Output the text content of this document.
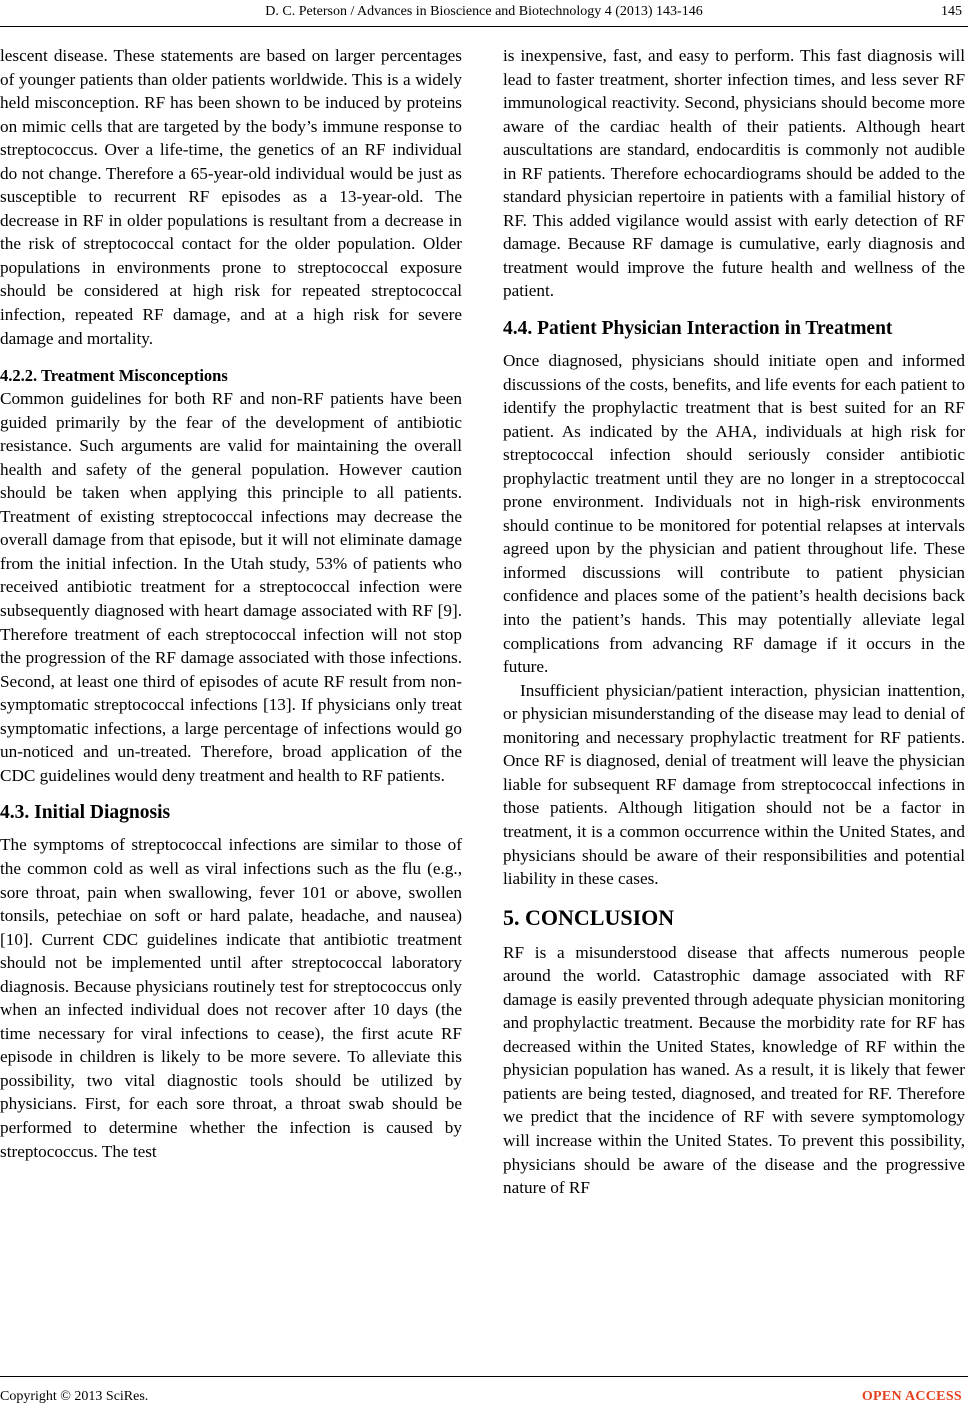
D. C. Peterson / Advances in Bioscience and Biotechnology 4 (2013) 143-146	145

lescent disease. These statements are based on larger percentages of younger patients than older patients worldwide. This is a widely held misconception. RF has been shown to be induced by proteins on mimic cells that are targeted by the body’s immune response to streptococcus. Over a life-time, the genetics of an RF individual do not change. Therefore a 65-year-old individual would be just as susceptible to recurrent RF episodes as a 13-year-old. The decrease in RF in older populations is resultant from a decrease in the risk of streptococcal contact for the older population. Older populations in environments prone to streptococcal exposure should be considered at high risk for repeated streptococcal infection, repeated RF damage, and at a high risk for severe damage and mortality.

4.2.2. Treatment Misconceptions

Common guidelines for both RF and non-RF patients have been guided primarily by the fear of the development of antibiotic resistance. Such arguments are valid for maintaining the overall health and safety of the general population. However caution should be taken when applying this principle to all patients. Treatment of existing streptococcal infections may decrease the overall damage from that episode, but it will not eliminate damage from the initial infection. In the Utah study, 53% of patients who received antibiotic treatment for a streptococcal infection were subsequently diagnosed with heart damage associated with RF [9]. Therefore treatment of each streptococcal infection will not stop the progression of the RF damage associated with those infections. Second, at least one third of episodes of acute RF result from non-symptomatic streptococcal infections [13]. If physicians only treat symptomatic infections, a large percentage of infections would go un-noticed and un-treated. Therefore, broad application of the CDC guidelines would deny treatment and health to RF patients.

4.3. Initial Diagnosis

The symptoms of streptococcal infections are similar to those of the common cold as well as viral infections such as the flu (e.g., sore throat, pain when swallowing, fever 101 or above, swollen tonsils, petechiae on soft or hard palate, headache, and nausea) [10]. Current CDC guidelines indicate that antibiotic treatment should not be implemented until after streptococcal laboratory diagnosis. Because physicians routinely test for streptococcus only when an infected individual does not recover after 10 days (the time necessary for viral infections to cease), the first acute RF episode in children is likely to be more severe. To alleviate this possibility, two vital diagnostic tools should be utilized by physicians. First, for each sore throat, a throat swab should be performed to determine whether the infection is caused by streptococcus. The test

is inexpensive, fast, and easy to perform. This fast diagnosis will lead to faster treatment, shorter infection times, and less sever RF immunological reactivity. Second, physicians should become more aware of the cardiac health of their patients. Although heart auscultations are standard, endocarditis is commonly not audible in RF patients. Therefore echocardiograms should be added to the standard physician repertoire in patients with a familial history of RF. This added vigilance would assist with early detection of RF damage. Because RF damage is cumulative, early diagnosis and treatment would improve the future health and wellness of the patient.

4.4. Patient Physician Interaction in Treatment

Once diagnosed, physicians should initiate open and informed discussions of the costs, benefits, and life events for each patient to identify the prophylactic treatment that is best suited for an RF patient. As indicated by the AHA, individuals at high risk for streptococcal infection should seriously consider antibiotic prophylactic treatment until they are no longer in a streptococcal prone environment. Individuals not in high-risk environments should continue to be monitored for potential relapses at intervals agreed upon by the physician and patient throughout life. These informed discussions will contribute to patient physician confidence and places some of the patient’s health decisions back into the patient’s hands. This may potentially alleviate legal complications from advancing RF damage if it occurs in the future.

Insufficient physician/patient interaction, physician inattention, or physician misunderstanding of the disease may lead to denial of monitoring and necessary prophylactic treatment for RF patients. Once RF is diagnosed, denial of treatment will leave the physician liable for subsequent RF damage from streptococcal infections in those patients. Although litigation should not be a factor in treatment, it is a common occurrence within the United States, and physicians should be aware of their responsibilities and potential liability in these cases.

5. CONCLUSION

RF is a misunderstood disease that affects numerous people around the world. Catastrophic damage associated with RF damage is easily prevented through adequate physician monitoring and prophylactic treatment. Because the morbidity rate for RF has decreased within the United States, knowledge of RF within the physician population has waned. As a result, it is likely that fewer patients are being tested, diagnosed, and treated for RF. Therefore we predict that the incidence of RF with severe symptomology will increase within the United States. To prevent this possibility, physicians should be aware of the disease and the progressive nature of RF

Copyright © 2013 SciRes.	OPEN ACCESS
